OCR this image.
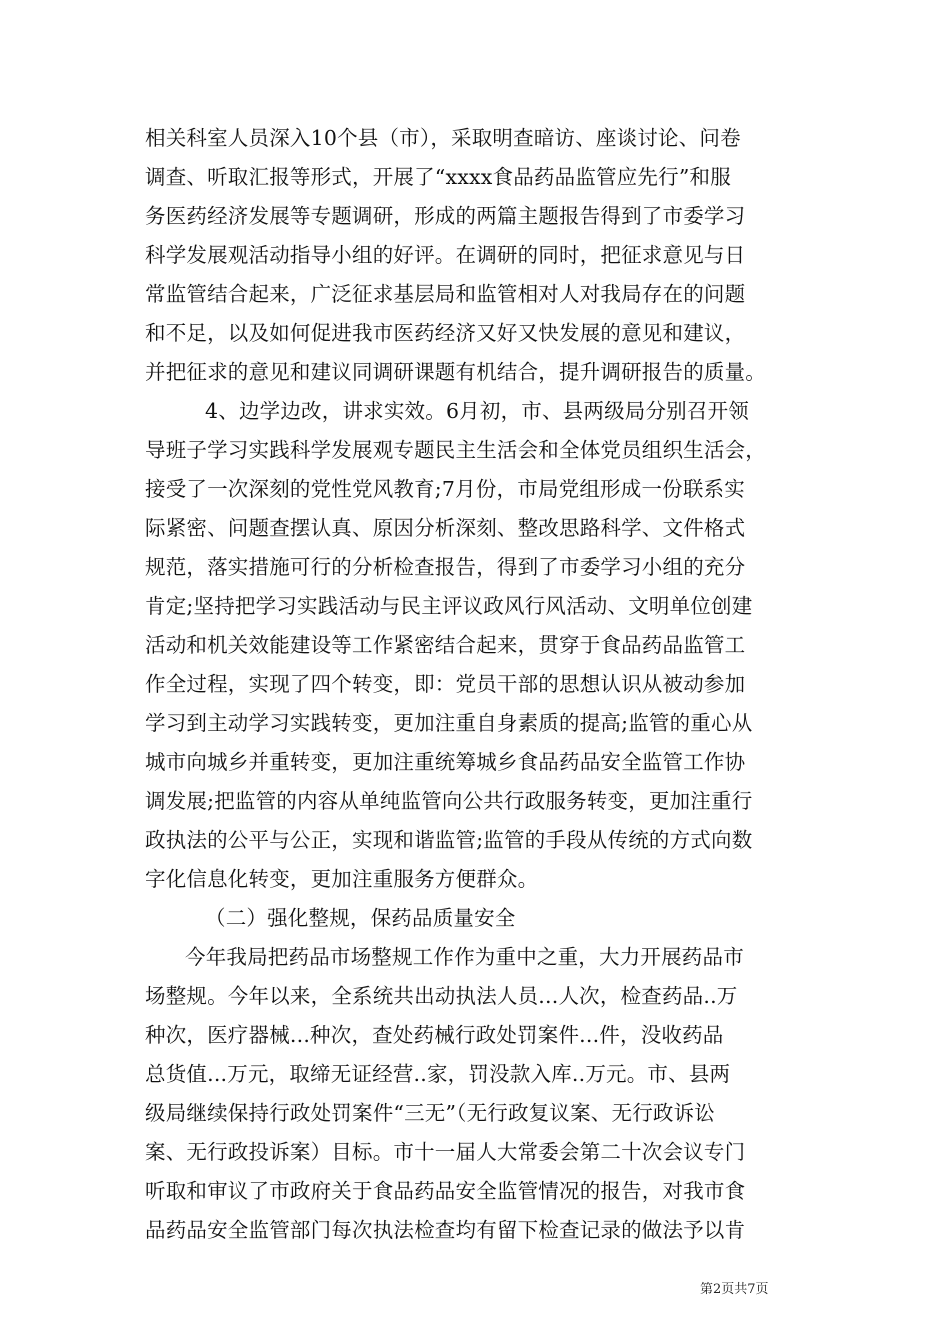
相关科室人员深入10个县（市），采取明查暗访、座谈讨论、问卷
调查、听取汇报等形式，开展了“xxxx食品药品监管应先行”和服
务医药经济发展等专题调研，形成的两篇主题报告得到了市委学习
科学发展观活动指导小组的好评。在调研的同时，把征求意见与日
常监管结合起来，广泛征求基层局和监管相对人对我局存在的问题
和不足，以及如何促进我市医药经济又好又快发展的意见和建议，
并把征求的意见和建议同调研课题有机结合，提升调研报告的质量。
4、边学边改，讲求实效。6月初，市、县两级局分别召开领
导班子学习实践科学发展观专题民主生活会和全体党员组织生活会，
接受了一次深刻的党性党风教育;7月份，市局党组形成一份联系实
际紧密、问题查摆认真、原因分析深刻、整改思路科学、文件格式
规范，落实措施可行的分析检查报告，得到了市委学习小组的充分
肯定;坚持把学习实践活动与民主评议政风行风活动、文明单位创建
活动和机关效能建设等工作紧密结合起来，贯穿于食品药品监管工
作全过程，实现了四个转变，即：党员干部的思想认识从被动参加
学习到主动学习实践转变，更加注重自身素质的提高;监管的重心从
城市向城乡并重转变，更加注重统筹城乡食品药品安全监管工作协
调发展;把监管的内容从单纯监管向公共行政服务转变，更加注重行
政执法的公平与公正，实现和谐监管;监管的手段从传统的方式向数
字化信息化转变，更加注重服务方便群众。
（二）强化整规，保药品质量安全
今年我局把药品市场整规工作作为重中之重，大力开展药品市
场整规。今年以来，全系统共出动执法人员...人次，检查药品..万
种次，医疗器械...种次，查处药械行政处罚案件...件，没收药品
总货值...万元，取缔无证经营..家，罚没款入库..万元。市、县两
级局继续保持行政处罚案件“三无”（无行政复议案、无行政诉讼
案、无行政投诉案）目标。市十一届人大常委会第二十次会议专门
听取和审议了市政府关于食品药品安全监管情况的报告，对我市食
品药品安全监管部门每次执法检查均有留下检查记录的做法予以肯
第2页共7页
